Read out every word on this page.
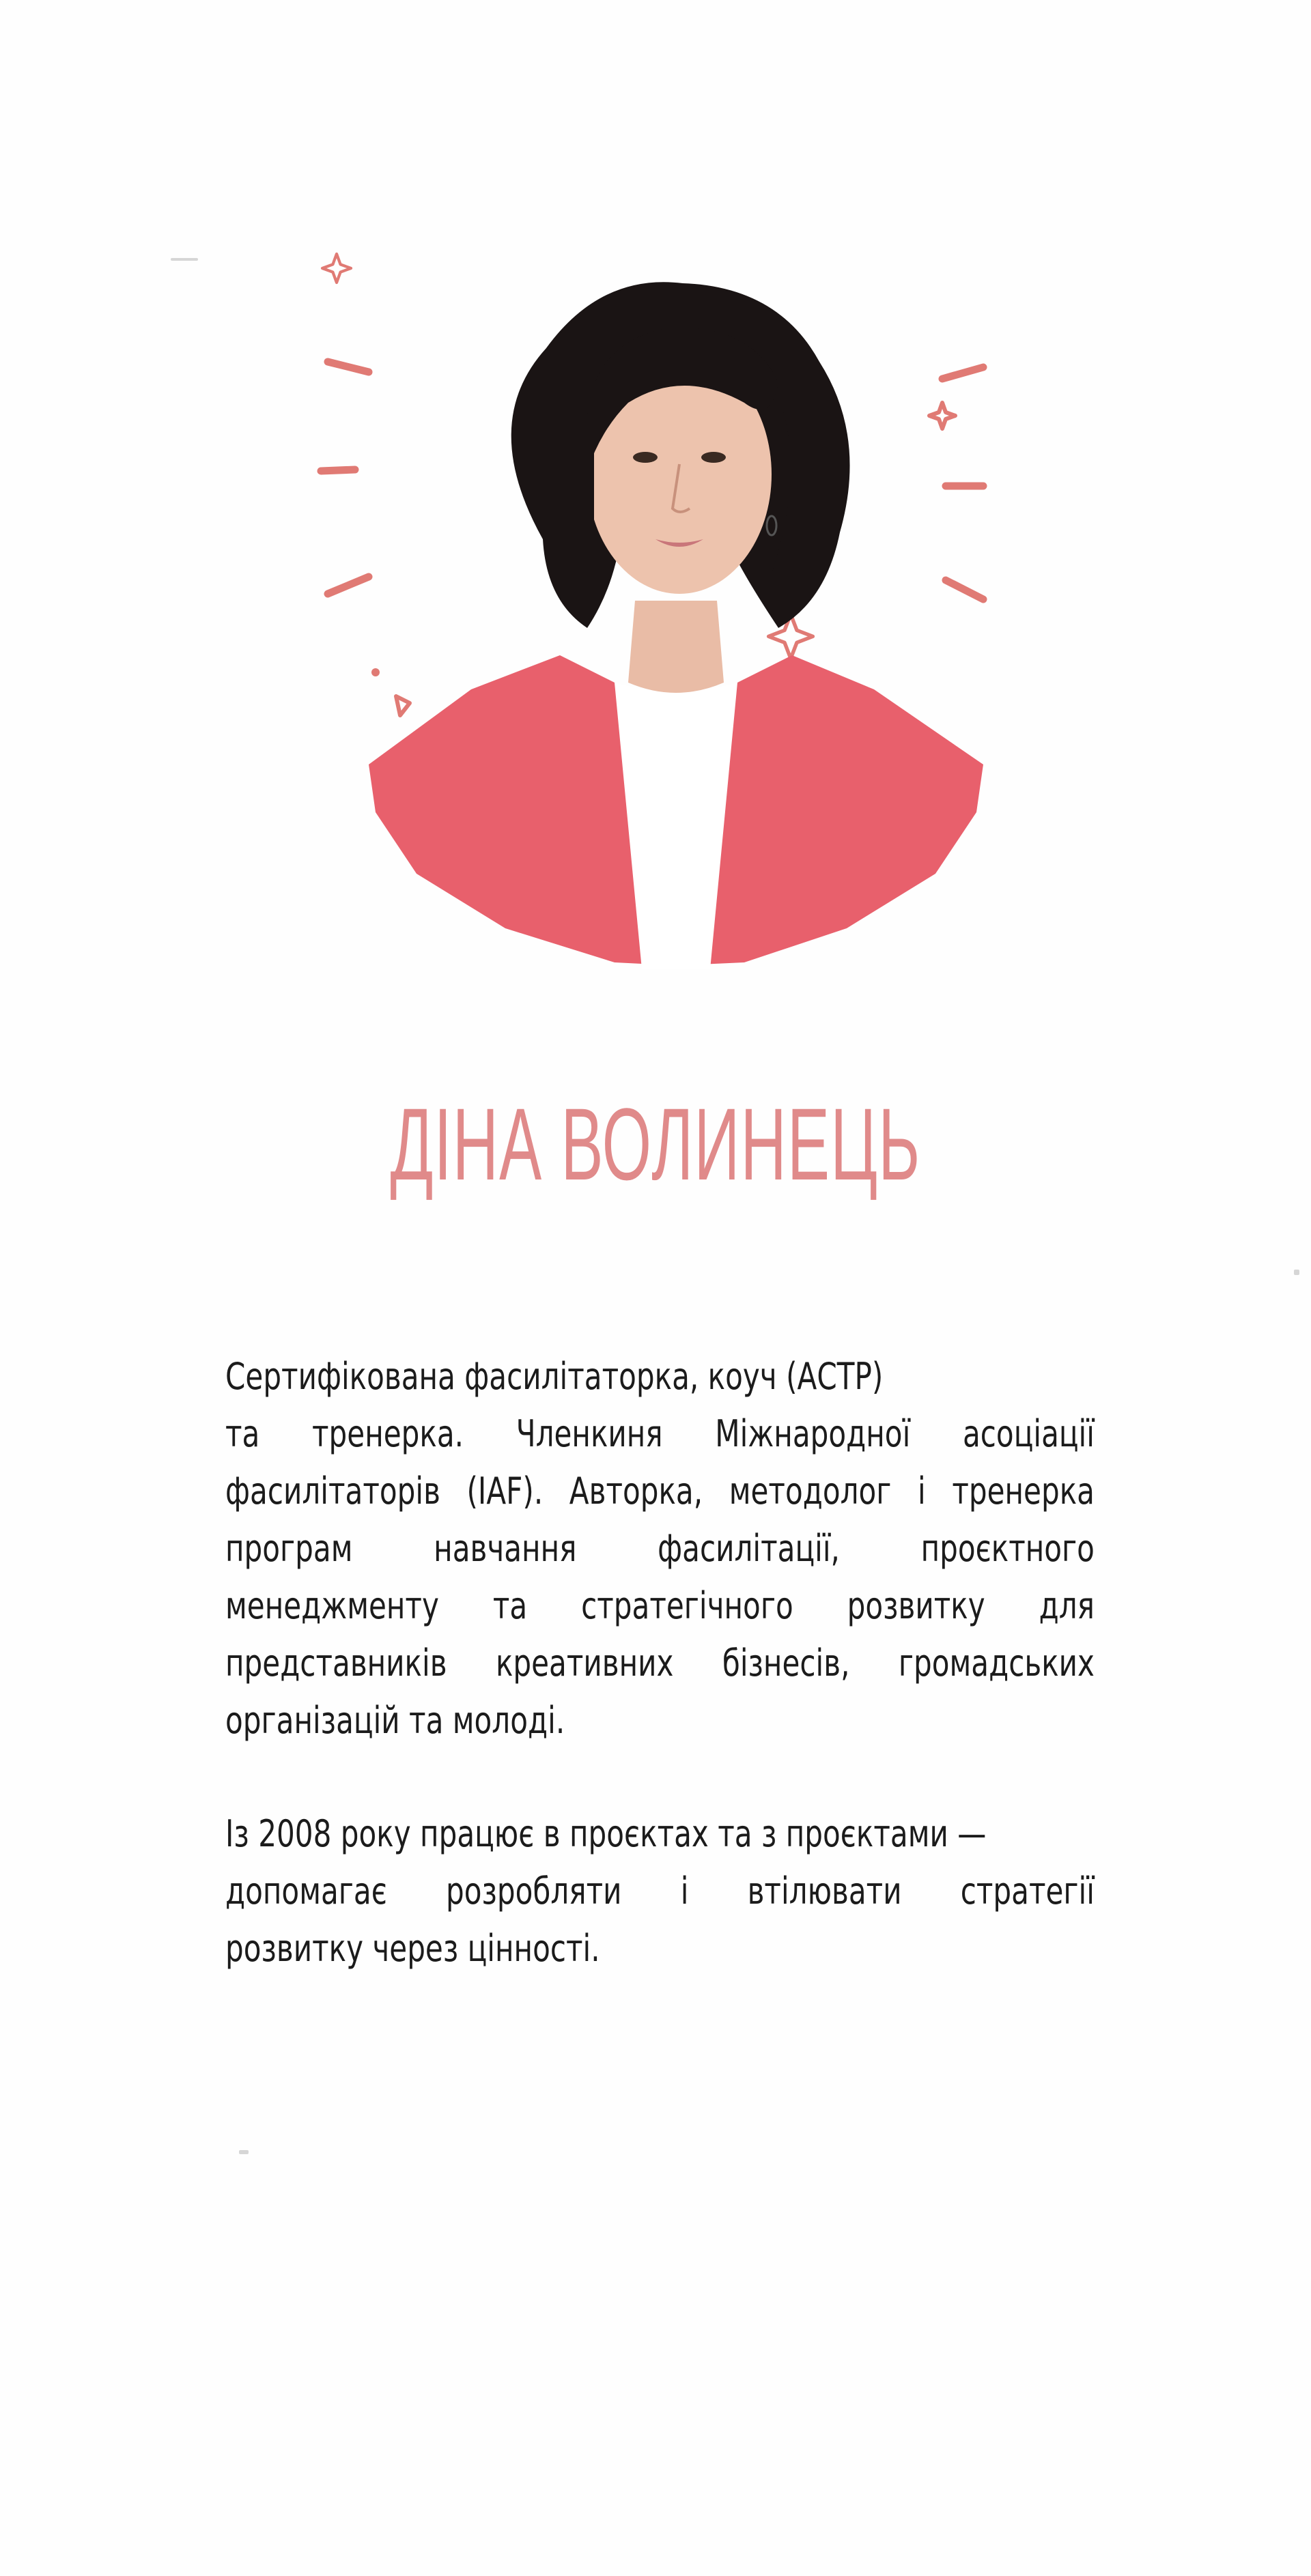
ДІНА ВОЛИНЕЦЬ

Сертифікована фасилітаторка, коуч (АСТР)
та тренерка. Членкиня Міжнародної асоціації
фасилітаторів (IAF). Авторка, методолог і тренерка
програм навчання фасилітації, проєктного
менеджменту та стратегічного розвитку для
представників креативних бізнесів, громадських
організацій та молоді.

Із 2008 року працює в проєктах та з проєктами —
допомагає розробляти і втілювати стратегії
розвитку через цінності.
